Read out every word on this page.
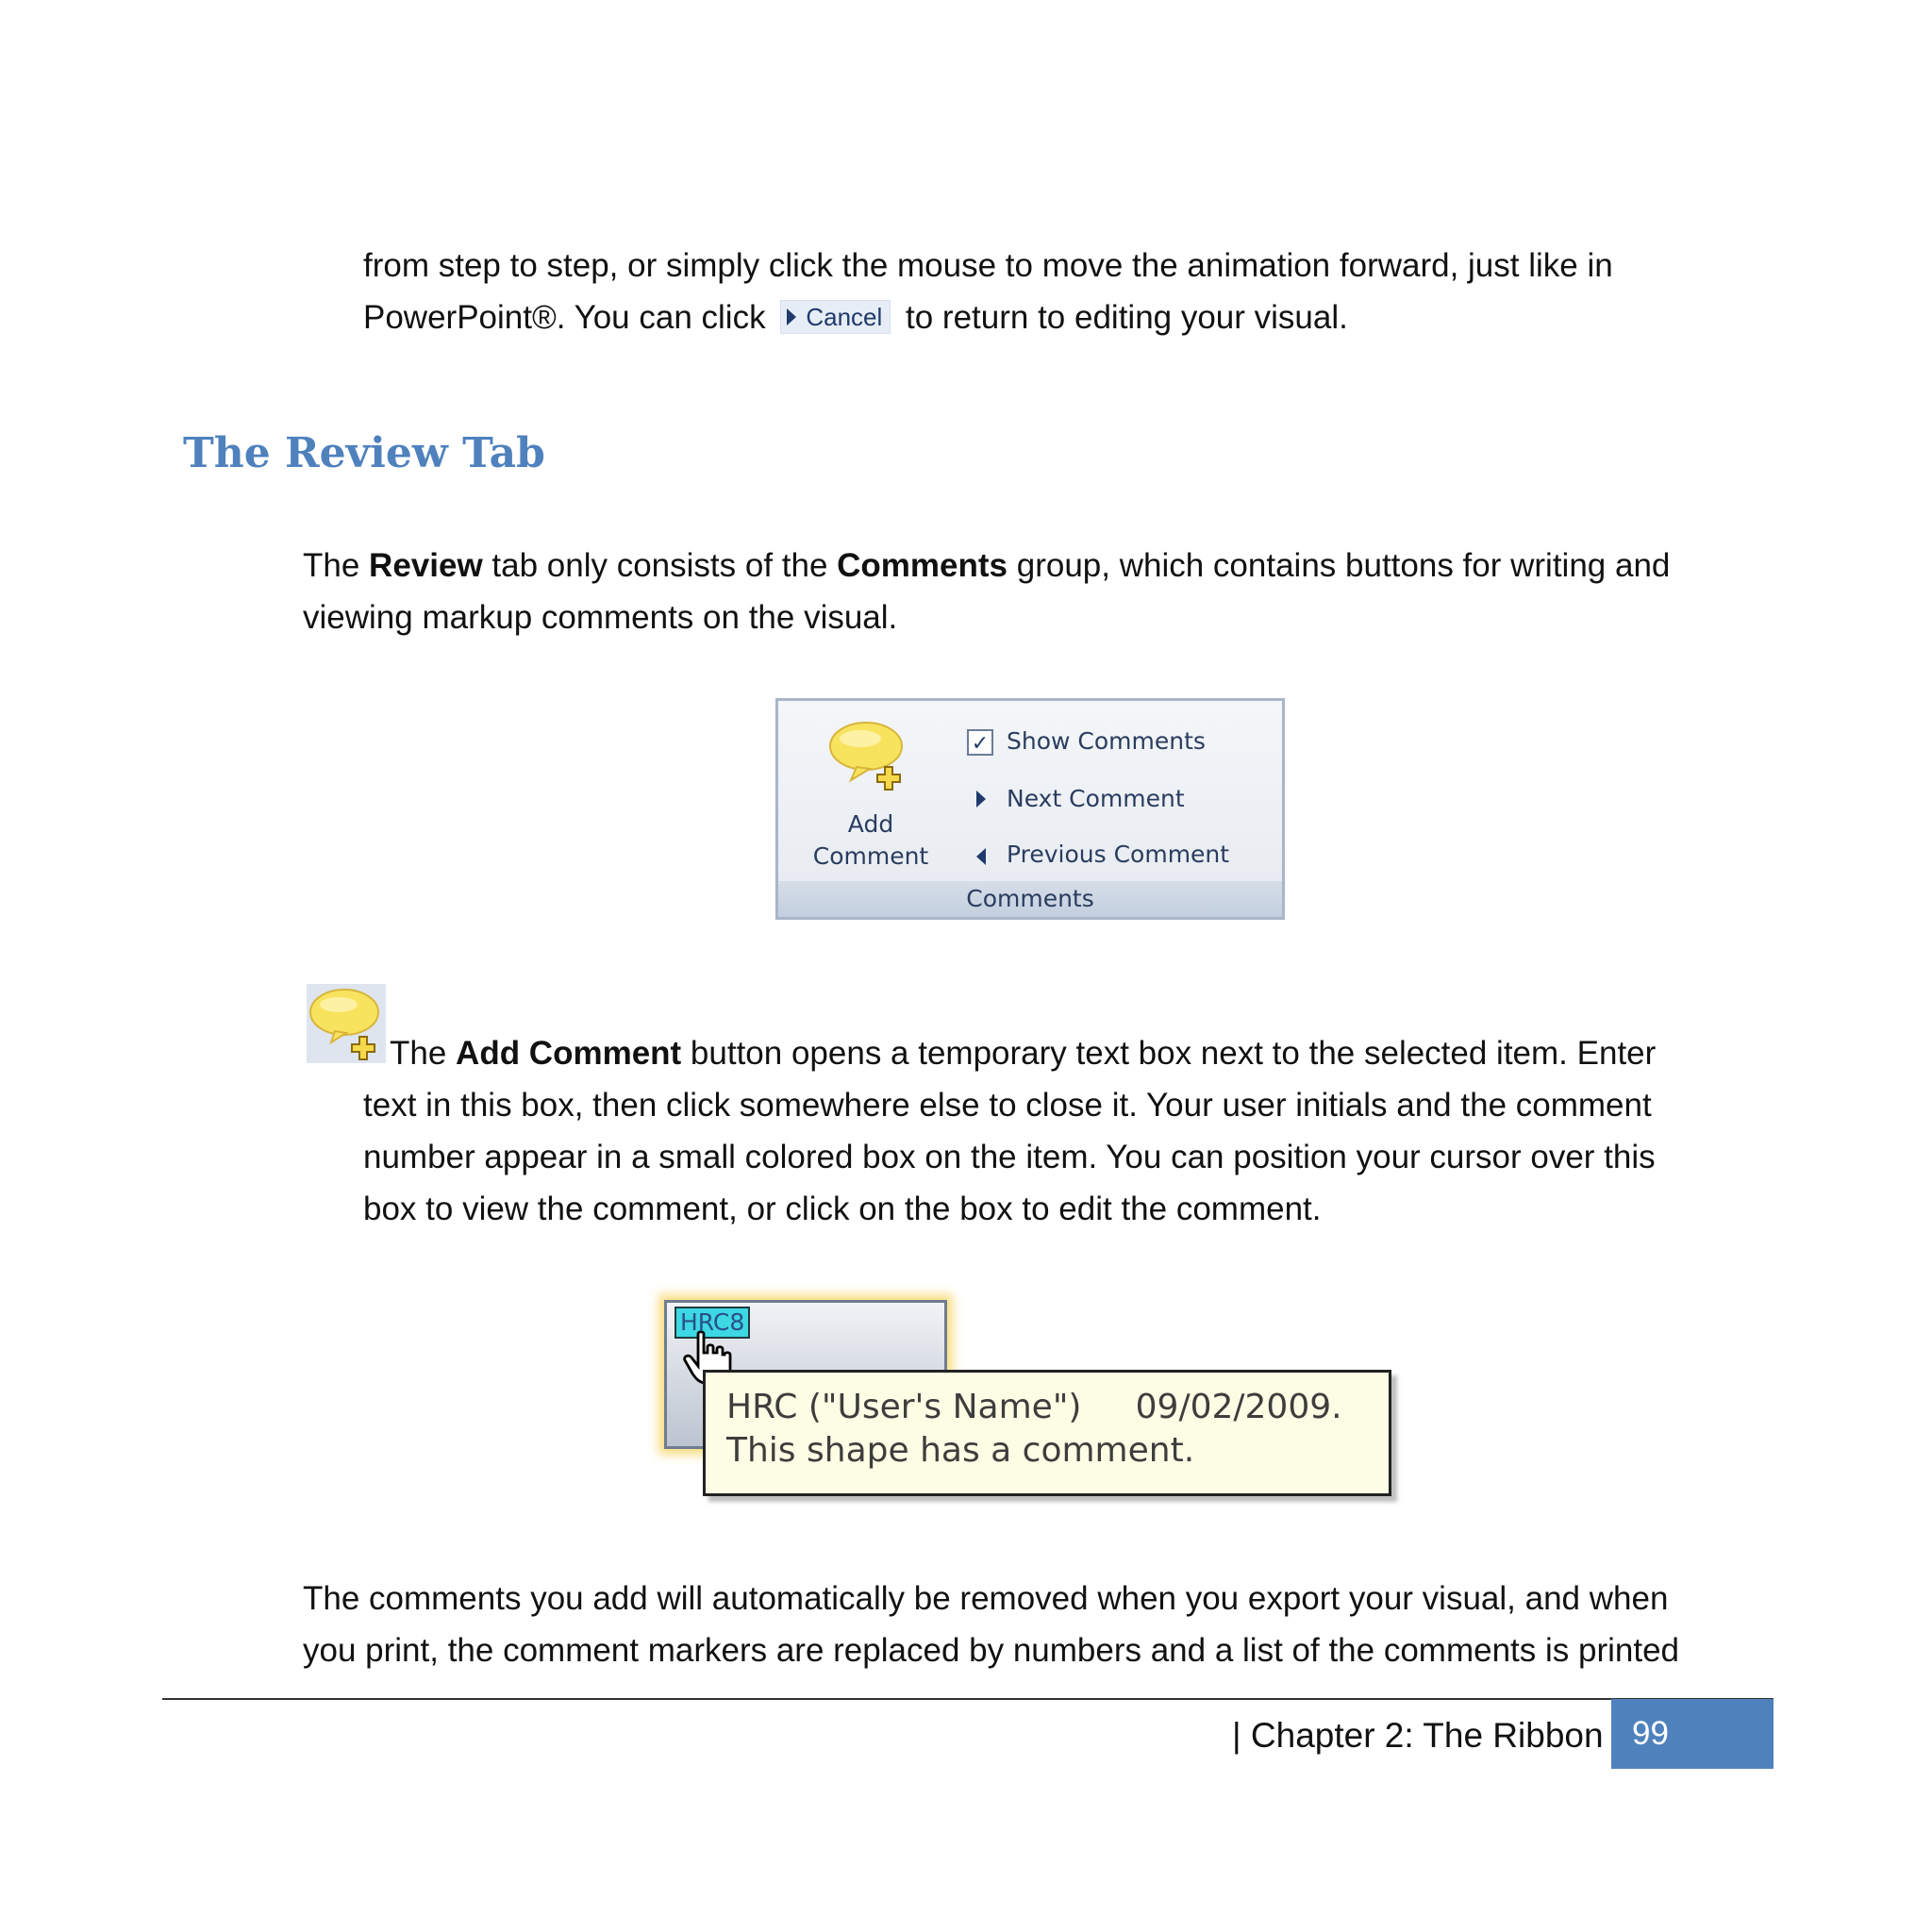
from step to step, or simply click the mouse to move the animation forward, just like in

PowerPoint®. You can click Cancel to return to editing your visual.

The Review Tab

The Review tab only consists of the Comments group, which contains buttons for writing and

viewing markup comments on the visual.

Add
Comment
✓ Show Comments
Next Comment
Previous Comment
Comments

The Add Comment button opens a temporary text box next to the selected item. Enter

text in this box, then click somewhere else to close it. Your user initials and the comment

number appear in a small colored box on the item. You can position your cursor over this

box to view the comment, or click on the box to edit the comment.

HRC8
HRC ("User's Name") 09/02/2009.
This shape has a comment.

The comments you add will automatically be removed when you export your visual, and when

you print, the comment markers are replaced by numbers and a list of the comments is printed

| Chapter 2: The Ribbon 99
